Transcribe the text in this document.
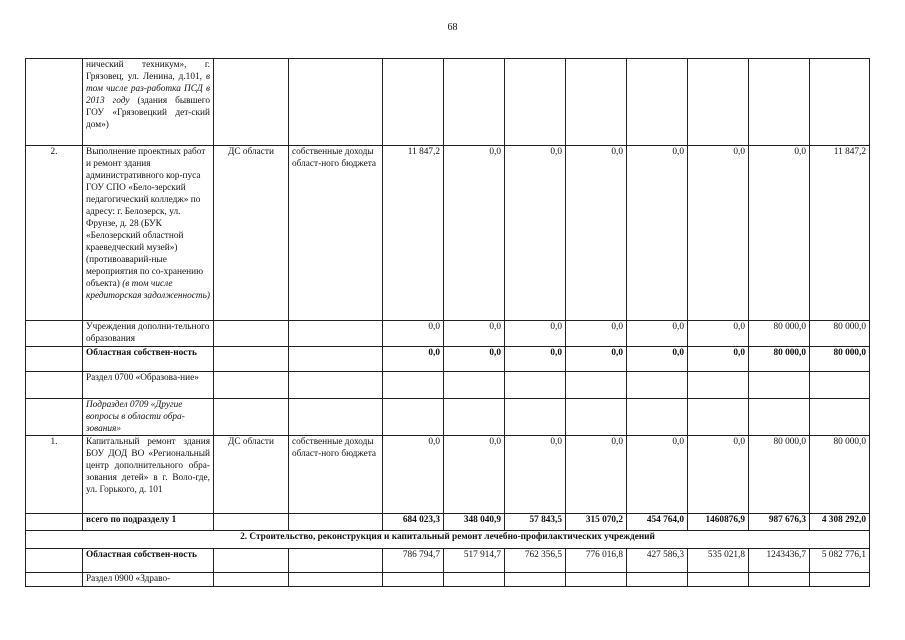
68
	нический техникум», г. Грязовец, ул. Ленина, д.101, в том числе раз-работка ПСД в 2013 году (здания бывшего ГОУ «Грязовецкий дет-ский дом»)										
2.	Выполнение проектных работ и ремонт здания административного кор-пуса ГОУ СПО «Бело-зерский педагогический колледж» по адресу: г. Белозерск, ул. Фрунзе, д. 28 (БУК «Белозерский областной краеведческий музей») (противоаварий-ные мероприятия по со-хранению объекта) (в том числе кредиторская задолженность)	ДС области	собственные доходы област-ного бюджета	11 847,2	0,0	0,0	0,0	0,0	0,0	0,0	11 847,2
	Учреждения дополни-тельного образования			0,0	0,0	0,0	0,0	0,0	0,0	80 000,0	80 000,0
	Областная собствен-ность			0,0	0,0	0,0	0,0	0,0	0,0	80 000,0	80 000,0
	Раздел 0700 «Образова-ние»										
	Подраздел 0709 «Другие вопросы в области обра-зования»										
1.	Капитальный ремонт здания БОУ ДОД ВО «Региональный центр дополнительного обра-зования детей» в г. Воло-где, ул. Горького, д. 101	ДС области	собственные доходы област-ного бюджета	0,0	0,0	0,0	0,0	0,0	0,0	80 000,0	80 000,0
	всего по подразделу 1			684 023,3	348 040,9	57 843,5	315 070,2	454 764,0	1460876,9	987 676,3	4 308 292,0
2. Строительство, реконструкция и капитальный ремонт лечебно-профилактических учреждений											
	Областная собствен-ность			786 794,7	517 914,7	762 356,5	776 016,8	427 586,3	535 021,8	1243436,7	5 082 776,1
	Раздел 0900 «Здраво-										
